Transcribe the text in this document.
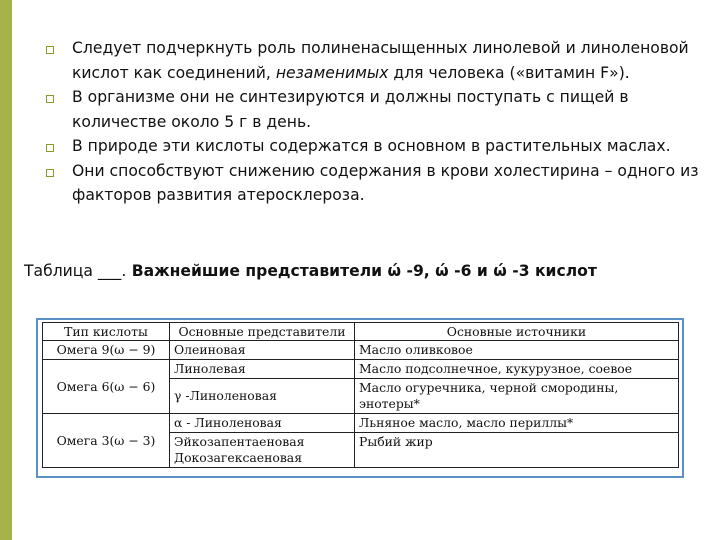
Следует подчеркнуть роль полиненасыщенных линолевой и линоленовой кислот как соединений, незаменимых для человека («витамин F»).
В организме они не синтезируются и должны поступать с пищей в количестве около 5 г в день.
В природе эти кислоты содержатся в основном в растительных маслах.
Они способствуют снижению содержания в крови холестирина – одного из факторов развития атеросклероза.
Таблица ___. Важнейшие представители ώ -9, ώ -6 и ώ -3 кислот
Тип кислоты	Основные представители	Основные источники
Омега 9(ω − 9)	Олеиновая	Масло оливковое
Омега 6(ω − 6)	Линолевая	Масло подсолнечное, кукурузное, соевое
	γ -Линоленовая	Масло огуречника, черной смородины, энотеры*
Омега 3(ω − 3)	α - Линоленовая	Льняное масло, масло периллы*
	Эйкозапентаеновая Докозагексаеновая	Рыбий жир
